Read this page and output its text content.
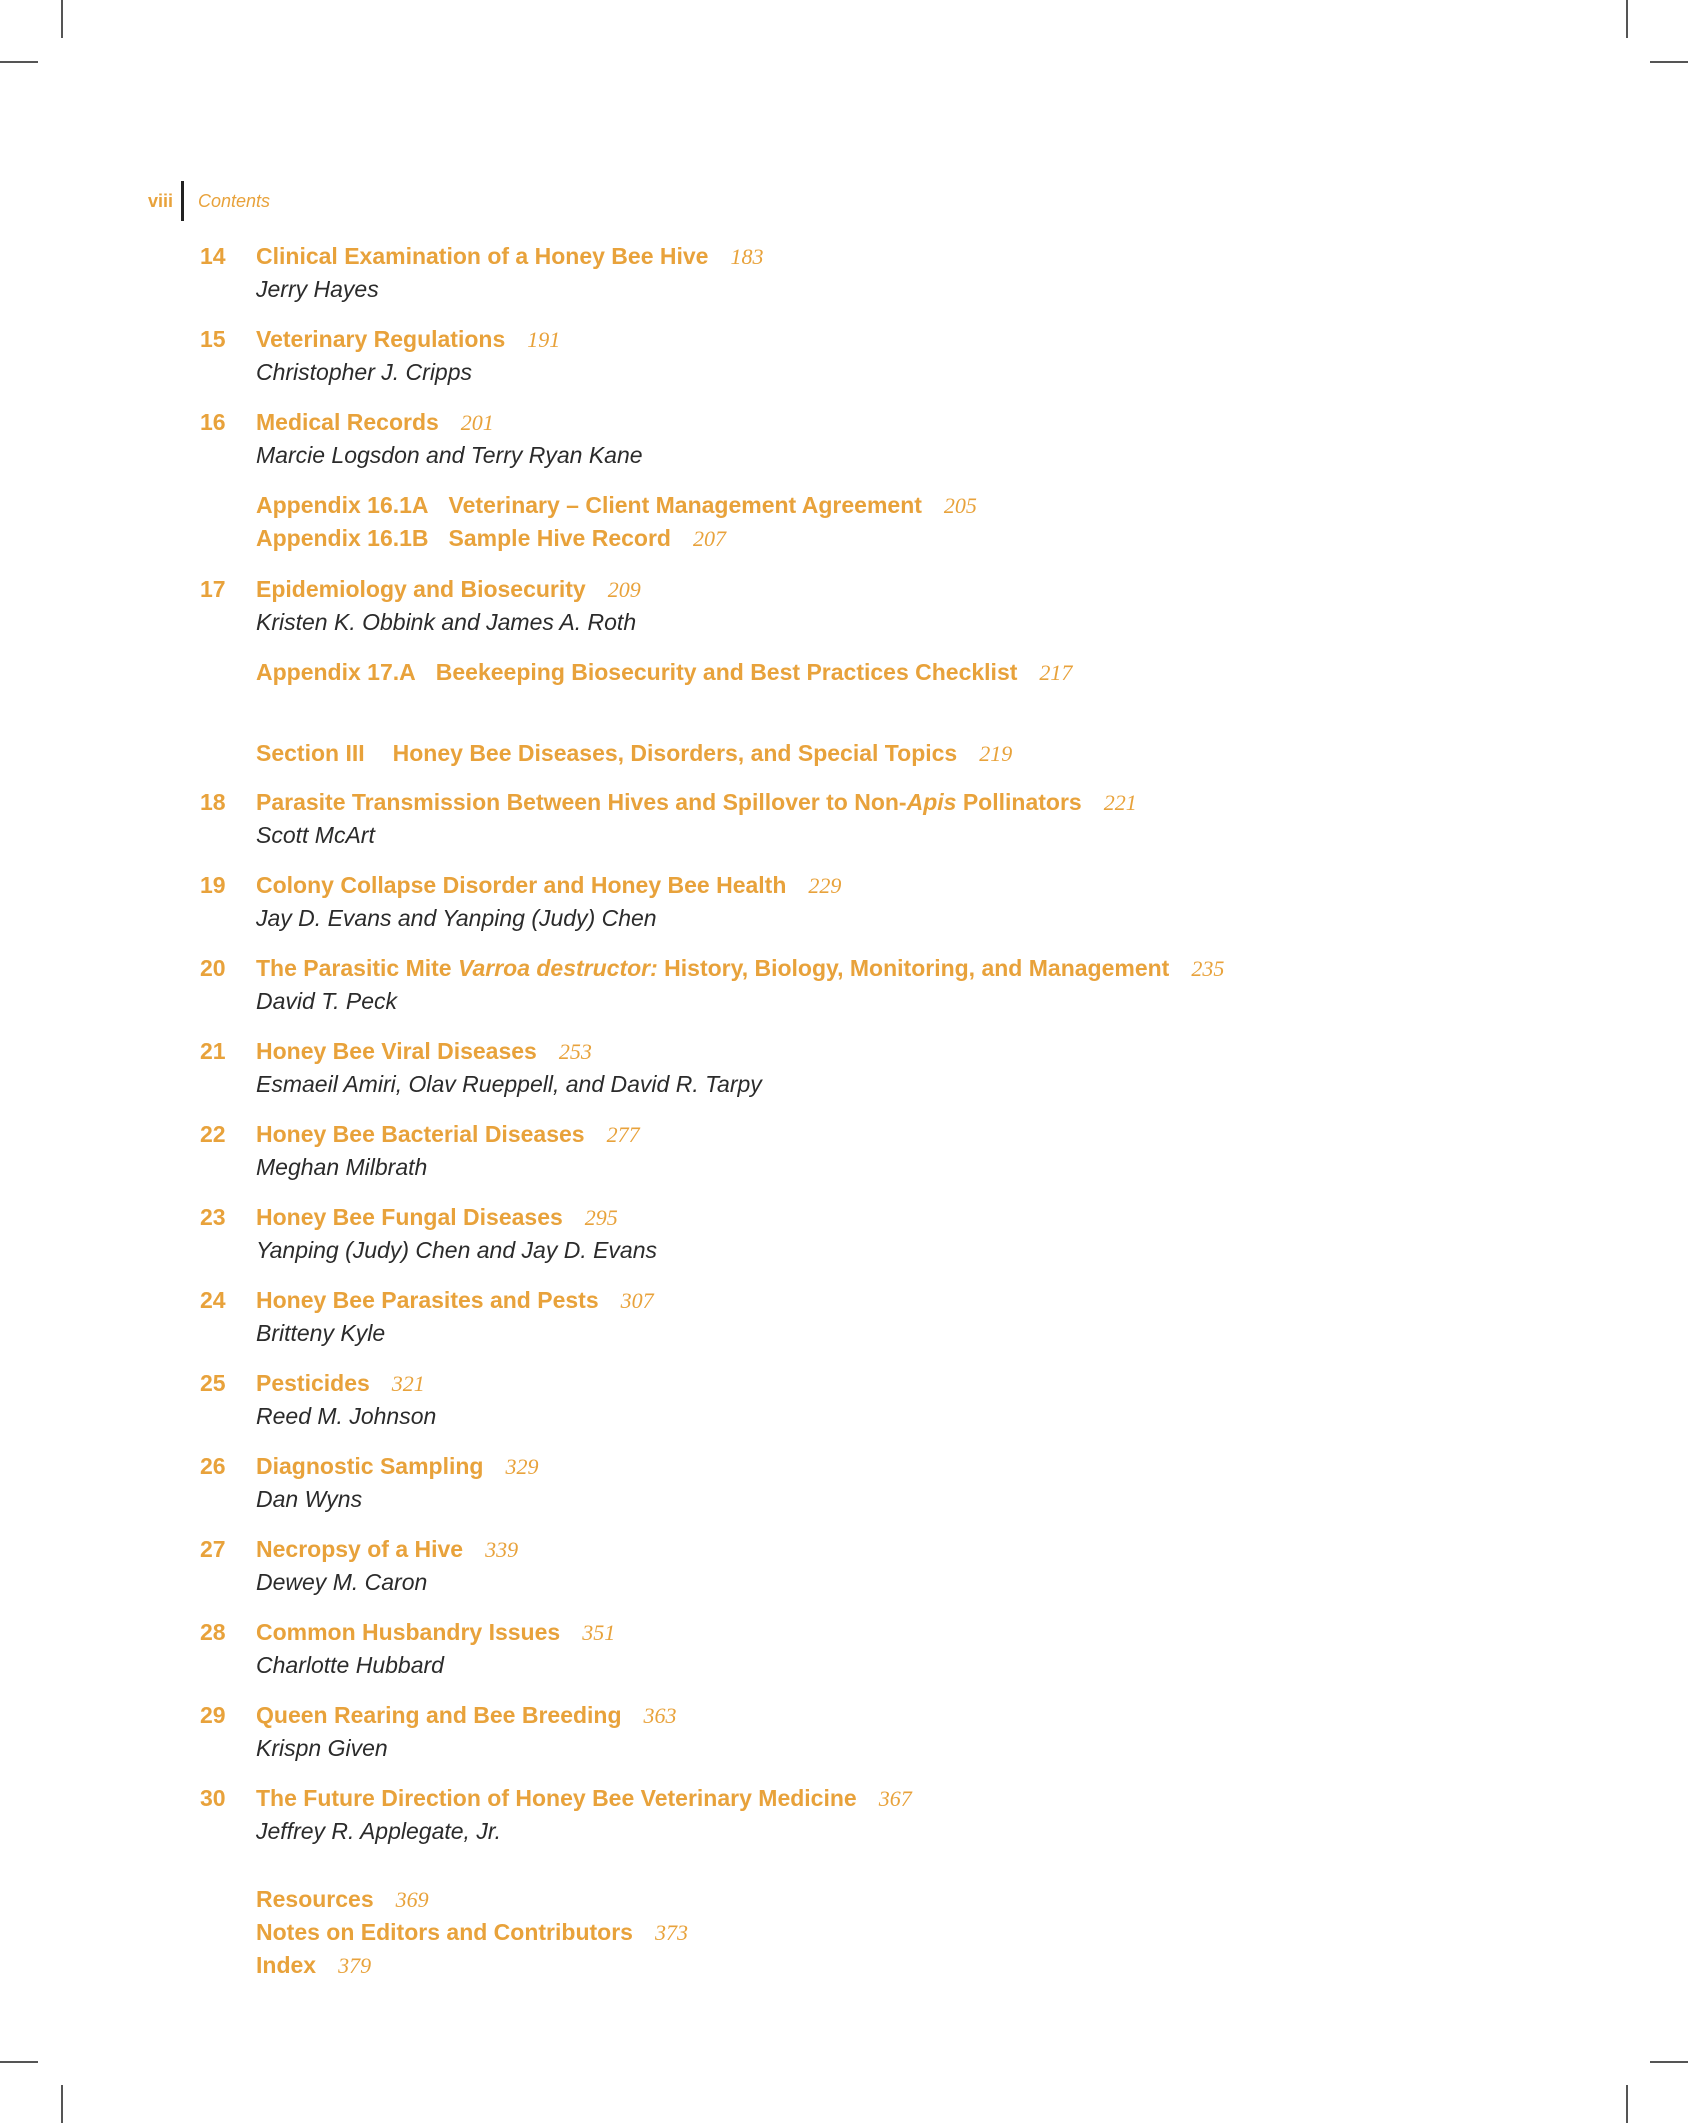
viii	Contents
14	Clinical Examination of a Honey Bee Hive 183
Jerry Hayes
15	Veterinary Regulations 191
Christopher J. Cripps
16	Medical Records 201
Marcie Logsdon and Terry Ryan Kane
Appendix 16.1A Veterinary – Client Management Agreement 205
Appendix 16.1B Sample Hive Record 207
17	Epidemiology and Biosecurity 209
Kristen K. Obbink and James A. Roth
Appendix 17.A Beekeeping Biosecurity and Best Practices Checklist 217
Section III Honey Bee Diseases, Disorders, and Special Topics 219
18	Parasite Transmission Between Hives and Spillover to Non-Apis Pollinators 221
Scott McArt
19	Colony Collapse Disorder and Honey Bee Health 229
Jay D. Evans and Yanping (Judy) Chen
20	The Parasitic Mite Varroa destructor: History, Biology, Monitoring, and Management 235
David T. Peck
21	Honey Bee Viral Diseases 253
Esmaeil Amiri, Olav Rueppell, and David R. Tarpy
22	Honey Bee Bacterial Diseases 277
Meghan Milbrath
23	Honey Bee Fungal Diseases 295
Yanping (Judy) Chen and Jay D. Evans
24	Honey Bee Parasites and Pests 307
Britteny Kyle
25	Pesticides 321
Reed M. Johnson
26	Diagnostic Sampling 329
Dan Wyns
27	Necropsy of a Hive 339
Dewey M. Caron
28	Common Husbandry Issues 351
Charlotte Hubbard
29	Queen Rearing and Bee Breeding 363
Krispn Given
30	The Future Direction of Honey Bee Veterinary Medicine 367
Jeffrey R. Applegate, Jr.
Resources 369
Notes on Editors and Contributors 373
Index 379
